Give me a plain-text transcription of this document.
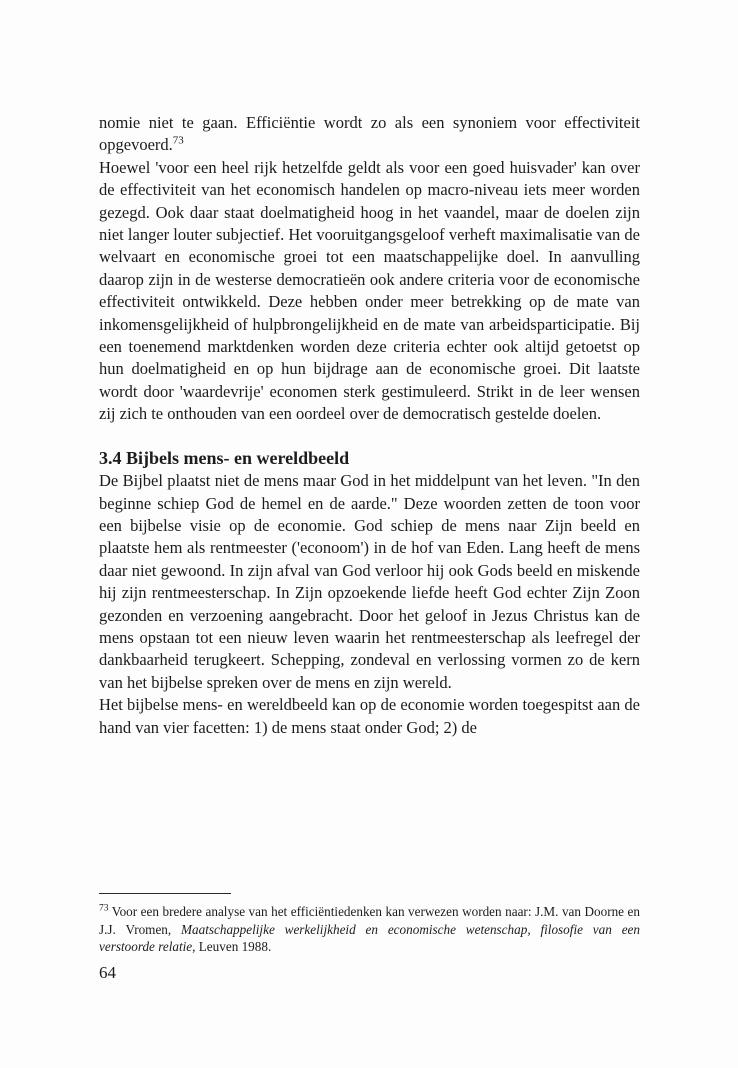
nomie niet te gaan. Efficiëntie wordt zo als een synoniem voor effectiviteit opgevoerd.$^{73}$

Hoewel 'voor een heel rijk hetzelfde geldt als voor een goed huisvader' kan over de effectiviteit van het economisch handelen op macro-niveau iets meer worden gezegd. Ook daar staat doelmatigheid hoog in het vaandel, maar de doelen zijn niet langer louter subjectief. Het vooruitgangsgeloof verheft maximalisatie van de welvaart en economische groei tot een maatschappelijke doel. In aanvulling daarop zijn in de westerse democratieën ook andere criteria voor de economische effectiviteit ontwikkeld. Deze hebben onder meer betrekking op de mate van inkomensgelijkheid of hulpbrongelijkheid en de mate van arbeidsparticipatie. Bij een toenemend marktdenken worden deze criteria echter ook altijd getoetst op hun doelmatigheid en op hun bijdrage aan de economische groei. Dit laatste wordt door 'waardevrije' economen sterk gestimuleerd. Strikt in de leer wensen zij zich te onthouden van een oordeel over de democratisch gestelde doelen.

3.4 Bijbels mens- en wereldbeeld

De Bijbel plaatst niet de mens maar God in het middelpunt van het leven. "In den beginne schiep God de hemel en de aarde." Deze woorden zetten de toon voor een bijbelse visie op de economie. God schiep de mens naar Zijn beeld en plaatste hem als rentmeester ('econoom') in de hof van Eden. Lang heeft de mens daar niet gewoond. In zijn afval van God verloor hij ook Gods beeld en miskende hij zijn rentmeesterschap. In Zijn opzoekende liefde heeft God echter Zijn Zoon gezonden en verzoening aangebracht. Door het geloof in Jezus Christus kan de mens opstaan tot een nieuw leven waarin het rentmeesterschap als leefregel der dankbaarheid terugkeert. Schepping, zondeval en verlossing vormen zo de kern van het bijbelse spreken over de mens en zijn wereld.

Het bijbelse mens- en wereldbeeld kan op de economie worden toegespitst aan de hand van vier facetten: 1) de mens staat onder God; 2) de

$^{73}$ Voor een bredere analyse van het efficiëntiedenken kan verwezen worden naar: J.M. van Doorne en J.J. Vromen, Maatschappelijke werkelijkheid en economische wetenschap, filosofie van een verstoorde relatie, Leuven 1988.

64
